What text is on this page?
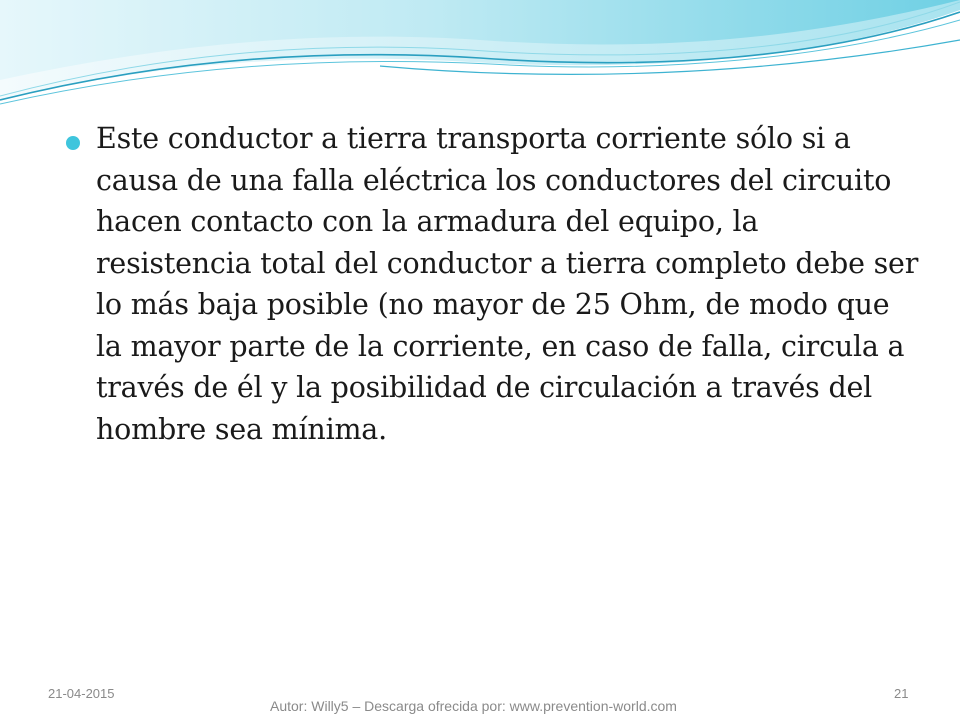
Este conductor a tierra transporta corriente sólo si a causa de una falla eléctrica los conductores del circuito hacen contacto con la armadura del equipo, la resistencia total del conductor a tierra completo debe ser lo más baja posible (no mayor de 25 Ohm, de modo que la mayor parte de la corriente, en caso de falla, circula a través de él y la posibilidad de circulación a través del hombre sea mínima.

21-04-2015
Autor: Willy5 – Descarga ofrecida por: www.prevention-world.com
21
